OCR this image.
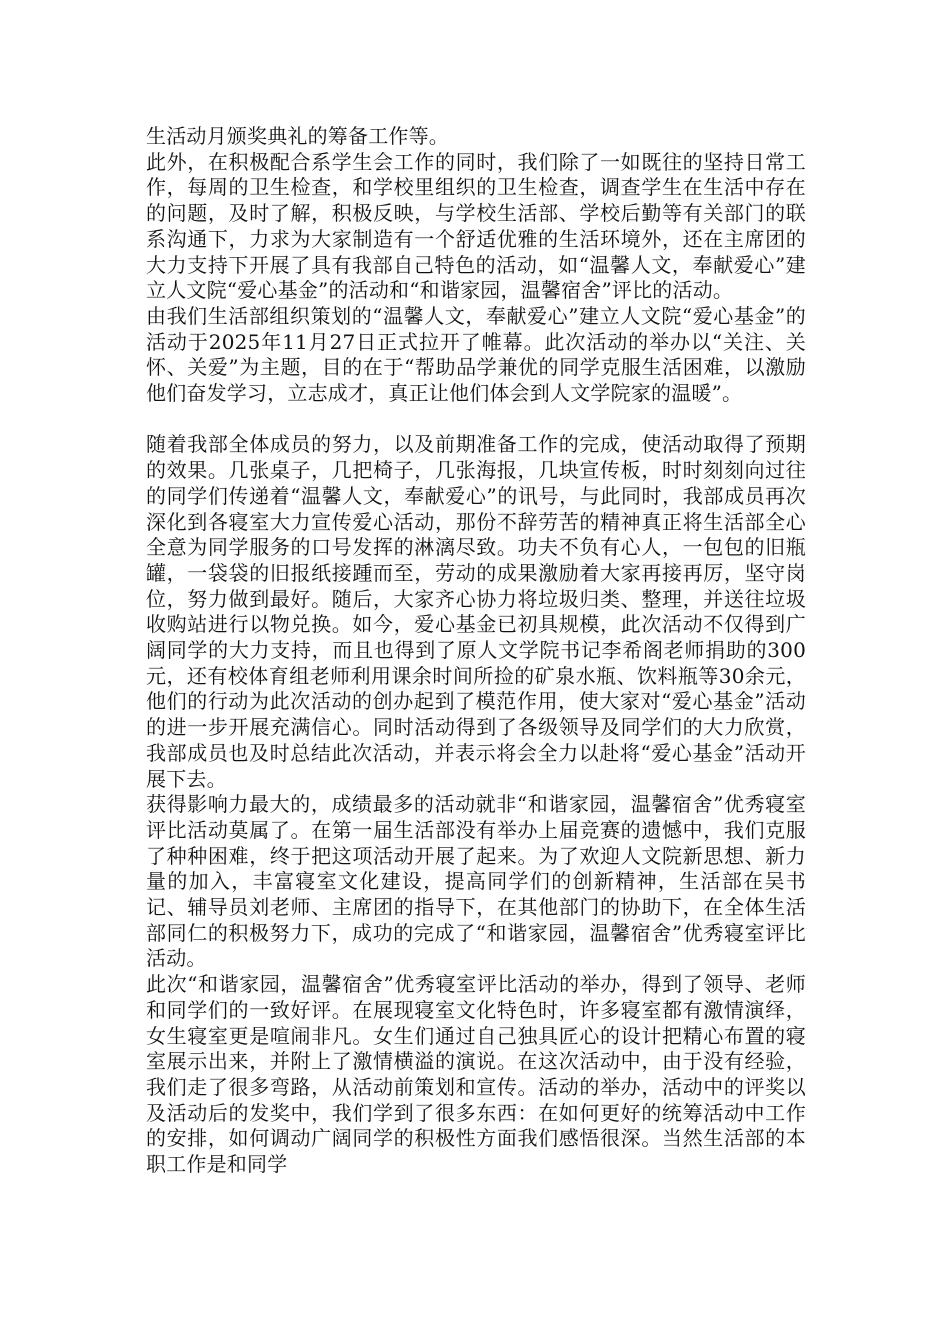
生活动月颁奖典礼的筹备工作等。

此外，在积极配合系学生会工作的同时，我们除了一如既往的坚持日常工作，每周的卫生检查，和学校里组织的卫生检查，调查学生在生活中存在的问题，及时了解，积极反映，与学校生活部、学校后勤等有关部门的联系沟通下，力求为大家制造有一个舒适优雅的生活环境外，还在主席团的大力支持下开展了具有我部自己特色的活动，如“温馨人文，奉献爱心”建立人文院“爱心基金”的活动和“和谐家园，温馨宿舍”评比的活动。

由我们生活部组织策划的“温馨人文，奉献爱心”建立人文院“爱心基金”的活动于2025年11月27日正式拉开了帷幕。此次活动的举办以“关注、关怀、关爱”为主题，目的在于“帮助品学兼优的同学克服生活困难，以激励他们奋发学习，立志成才，真正让他们体会到人文学院家的温暖”。

随着我部全体成员的努力，以及前期准备工作的完成，使活动取得了预期的效果。几张桌子，几把椅子，几张海报，几块宣传板，时时刻刻向过往的同学们传递着“温馨人文，奉献爱心”的讯号，与此同时，我部成员再次深化到各寝室大力宣传爱心活动，那份不辞劳苦的精神真正将生活部全心全意为同学服务的口号发挥的淋漓尽致。功夫不负有心人，一包包的旧瓶罐，一袋袋的旧报纸接踵而至，劳动的成果激励着大家再接再厉，坚守岗位，努力做到最好。随后，大家齐心协力将垃圾归类、整理，并送往垃圾收购站进行以物兑换。如今，爱心基金已初具规模，此次活动不仅得到广阔同学的大力支持，而且也得到了原人文学院书记李希阁老师捐助的300元，还有校体育组老师利用课余时间所捡的矿泉水瓶、饮料瓶等30余元，他们的行动为此次活动的创办起到了模范作用，使大家对“爱心基金”活动的进一步开展充满信心。同时活动得到了各级领导及同学们的大力欣赏，我部成员也及时总结此次活动，并表示将会全力以赴将“爱心基金”活动开展下去。

获得影响力最大的，成绩最多的活动就非“和谐家园，温馨宿舍”优秀寝室评比活动莫属了。在第一届生活部没有举办上届竞赛的遗憾中，我们克服了种种困难，终于把这项活动开展了起来。为了欢迎人文院新思想、新力量的加入，丰富寝室文化建设，提高同学们的创新精神，生活部在吴书记、辅导员刘老师、主席团的指导下，在其他部门的协助下，在全体生活部同仁的积极努力下，成功的完成了“和谐家园，温馨宿舍”优秀寝室评比活动。

此次“和谐家园，温馨宿舍”优秀寝室评比活动的举办，得到了领导、老师和同学们的一致好评。在展现寝室文化特色时，许多寝室都有激情演绎，女生寝室更是喧闹非凡。女生们通过自己独具匠心的设计把精心布置的寝室展示出来，并附上了激情横溢的演说。在这次活动中，由于没有经验，我们走了很多弯路，从活动前策划和宣传。活动的举办，活动中的评奖以及活动后的发奖中，我们学到了很多东西：在如何更好的统筹活动中工作的安排，如何调动广阔同学的积极性方面我们感悟很深。当然生活部的本职工作是和同学
